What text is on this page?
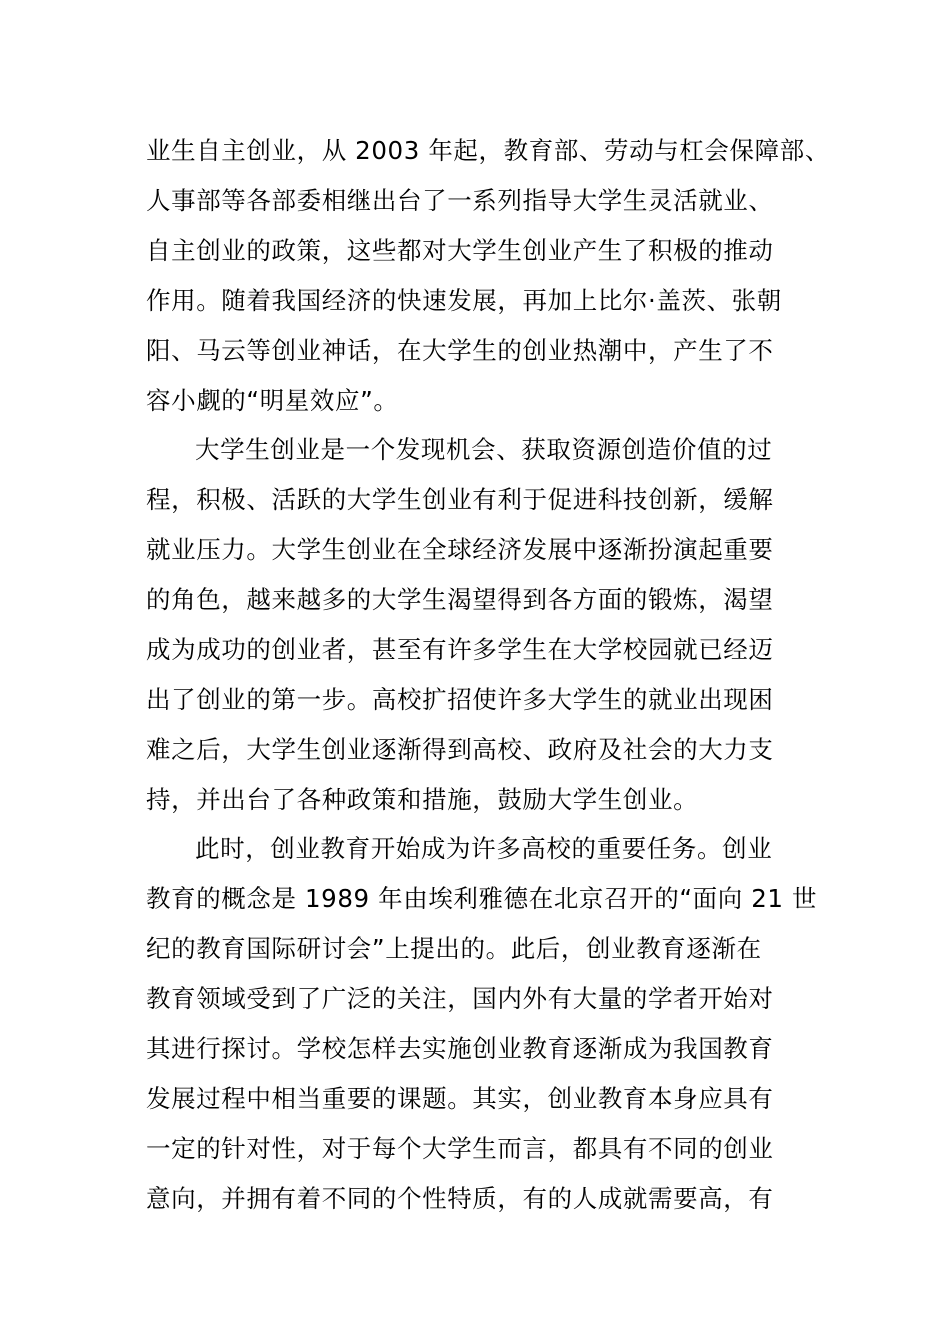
业生自主创业，从 2003 年起，教育部、劳动与杠会保障部、
人事部等各部委相继出台了一系列指导大学生灵活就业、
自主创业的政策，这些都对大学生创业产生了积极的推动
作用。随着我国经济的快速发展，再加上比尔·盖茨、张朝
阳、马云等创业神话，在大学生的创业热潮中，产生了不
容小觑的“明星效应”。
大学生创业是一个发现机会、获取资源创造价值的过
程，积极、活跃的大学生创业有利于促进科技创新，缓解
就业压力。大学生创业在全球经济发展中逐渐扮演起重要
的角色，越来越多的大学生渴望得到各方面的锻炼，渴望
成为成功的创业者，甚至有许多学生在大学校园就已经迈
出了创业的第一步。高校扩招使许多大学生的就业出现困
难之后，大学生创业逐渐得到高校、政府及社会的大力支
持，并出台了各种政策和措施，鼓励大学生创业。
此时，创业教育开始成为许多高校的重要任务。创业
教育的概念是 1989 年由埃利雅德在北京召开的“面向 21 世
纪的教育国际研讨会”上提出的。此后，创业教育逐渐在
教育领域受到了广泛的关注，国内外有大量的学者开始对
其进行探讨。学校怎样去实施创业教育逐渐成为我国教育
发展过程中相当重要的课题。其实，创业教育本身应具有
一定的针对性，对于每个大学生而言，都具有不同的创业
意向，并拥有着不同的个性特质，有的人成就需要高，有
